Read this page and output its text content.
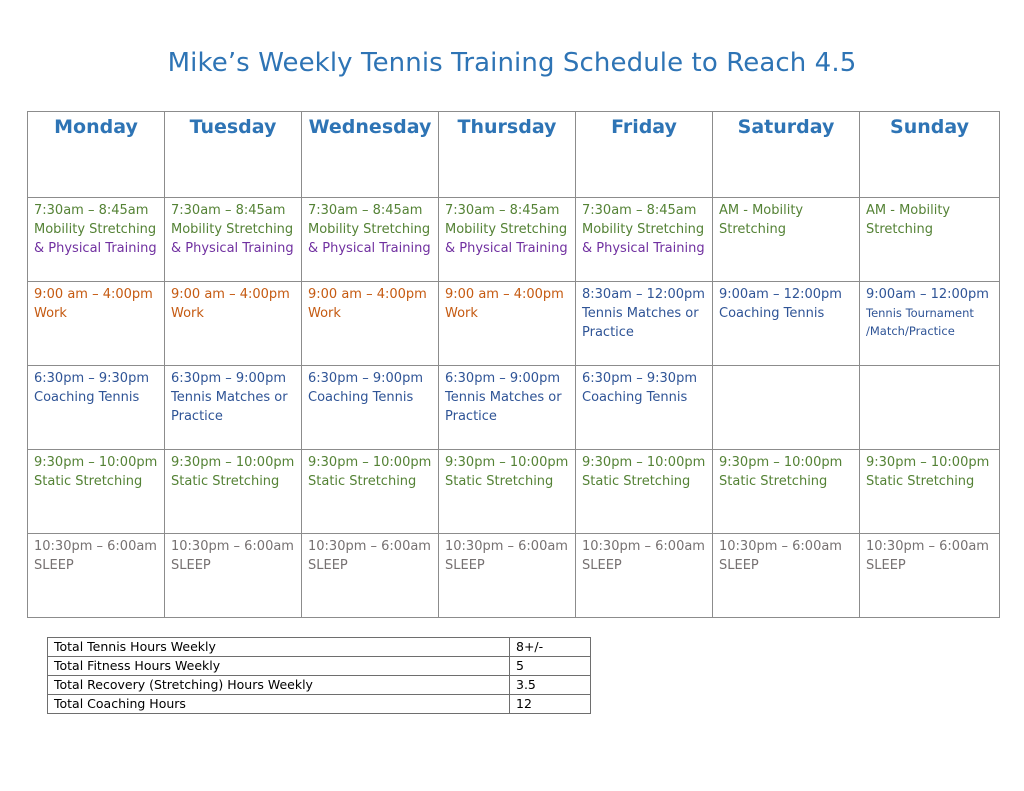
Mike’s Weekly Tennis Training Schedule to Reach 4.5
Monday	Tuesday	Wednesday	Thursday	Friday	Saturday	Sunday

7:30am – 8:45am
Mobility Stretching
& Physical Training	7:30am – 8:45am
Mobility Stretching
& Physical Training	7:30am – 8:45am
Mobility Stretching
& Physical Training	7:30am – 8:45am
Mobility Stretching
& Physical Training	7:30am – 8:45am
Mobility Stretching
& Physical Training	AM - Mobility
Stretching	AM - Mobility
Stretching

9:00 am – 4:00pm
Work	9:00 am – 4:00pm
Work	9:00 am – 4:00pm
Work	9:00 am – 4:00pm
Work	8:30am – 12:00pm
Tennis Matches or
Practice	9:00am – 12:00pm
Coaching Tennis	9:00am – 12:00pm
Tennis Tournament
/Match/Practice

6:30pm – 9:30pm
Coaching Tennis	6:30pm – 9:00pm
Tennis Matches or
Practice	6:30pm – 9:00pm
Coaching Tennis	6:30pm – 9:00pm
Tennis Matches or
Practice	6:30pm – 9:30pm
Coaching Tennis		

9:30pm – 10:00pm
Static Stretching	9:30pm – 10:00pm
Static Stretching	9:30pm – 10:00pm
Static Stretching	9:30pm – 10:00pm
Static Stretching	9:30pm – 10:00pm
Static Stretching	9:30pm – 10:00pm
Static Stretching	9:30pm – 10:00pm
Static Stretching

10:30pm – 6:00am
SLEEP	10:30pm – 6:00am
SLEEP	10:30pm – 6:00am
SLEEP	10:30pm – 6:00am
SLEEP	10:30pm – 6:00am
SLEEP	10:30pm – 6:00am
SLEEP	10:30pm – 6:00am
SLEEP
Total Tennis Hours Weekly	8+/-
Total Fitness Hours Weekly	5
Total Recovery (Stretching) Hours Weekly	3.5
Total Coaching Hours	12
